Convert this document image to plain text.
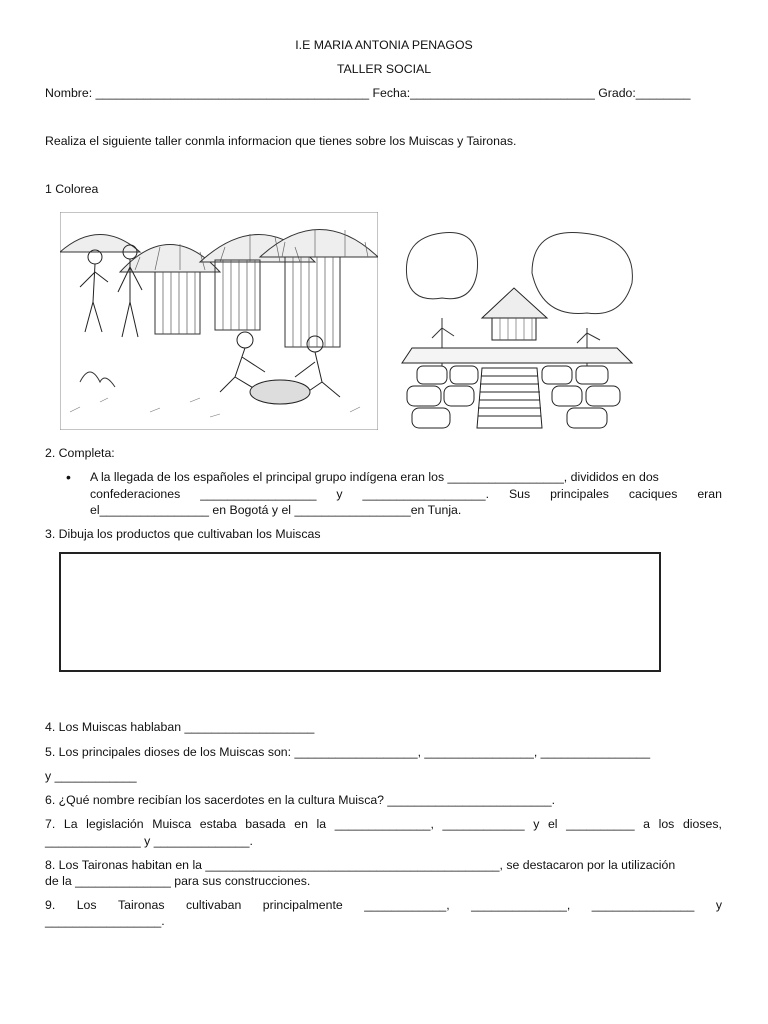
I.E MARIA ANTONIA PENAGOS
TALLER SOCIAL
Nombre: ________________________________________ Fecha:___________________________ Grado:________
Realiza el siguiente taller conmla informacion que tienes sobre los Muiscas y Taironas.
1 Colorea
2. Completa:
• A la llegada de los españoles el principal grupo indígena eran los _________________, divididos en dos
confederaciones _________________ y __________________. Sus principales caciques eran
el________________ en Bogotá y el _________________en Tunja.
3. Dibuja los productos que cultivaban los Muiscas
4. Los Muiscas hablaban ___________________
5. Los principales dioses de los Muiscas son: __________________, ________________, ________________
y ____________
6. ¿Qué nombre recibían los sacerdotes en la cultura Muisca? ________________________.
7. La legislación Muisca estaba basada en la ______________, ____________ y el __________ a los dioses,
______________ y ______________.
8. Los Taironas habitan en la ___________________________________________, se destacaron por la utilización
de la ______________ para sus construcciones.
9. Los Taironas cultivaban principalmente ____________, ______________, _______________ y
_________________.
